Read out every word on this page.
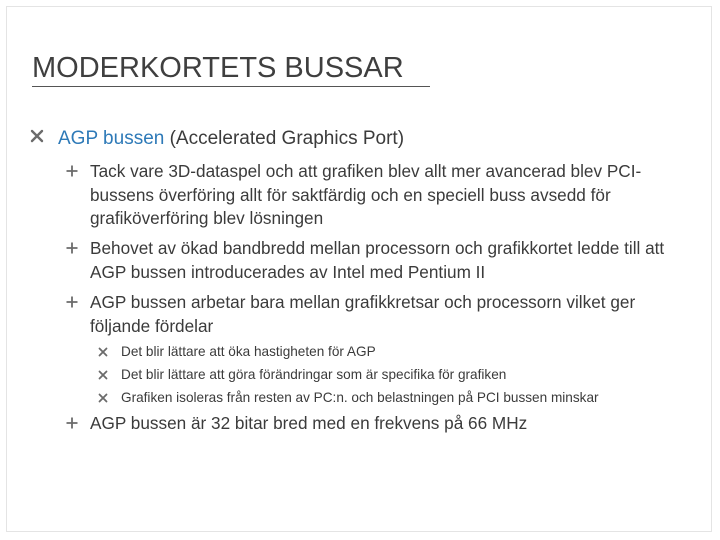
MODERKORTETS BUSSAR
AGP bussen (Accelerated Graphics Port)
Tack vare 3D-dataspel och att grafiken blev allt mer avancerad blev PCI-bussens överföring allt för saktfärdig och en speciell buss avsedd för grafiköverföring blev lösningen
Behovet av ökad bandbredd mellan processorn och grafikkortet ledde till att AGP bussen introducerades av Intel med Pentium II
AGP bussen arbetar bara mellan grafikkretsar och processorn vilket ger följande fördelar
Det blir lättare att öka hastigheten för AGP
Det blir lättare att göra förändringar som är specifika för grafiken
Grafiken isoleras från resten av PC:n. och belastningen på PCI bussen minskar
AGP bussen är 32 bitar bred med en frekvens på 66 MHz
